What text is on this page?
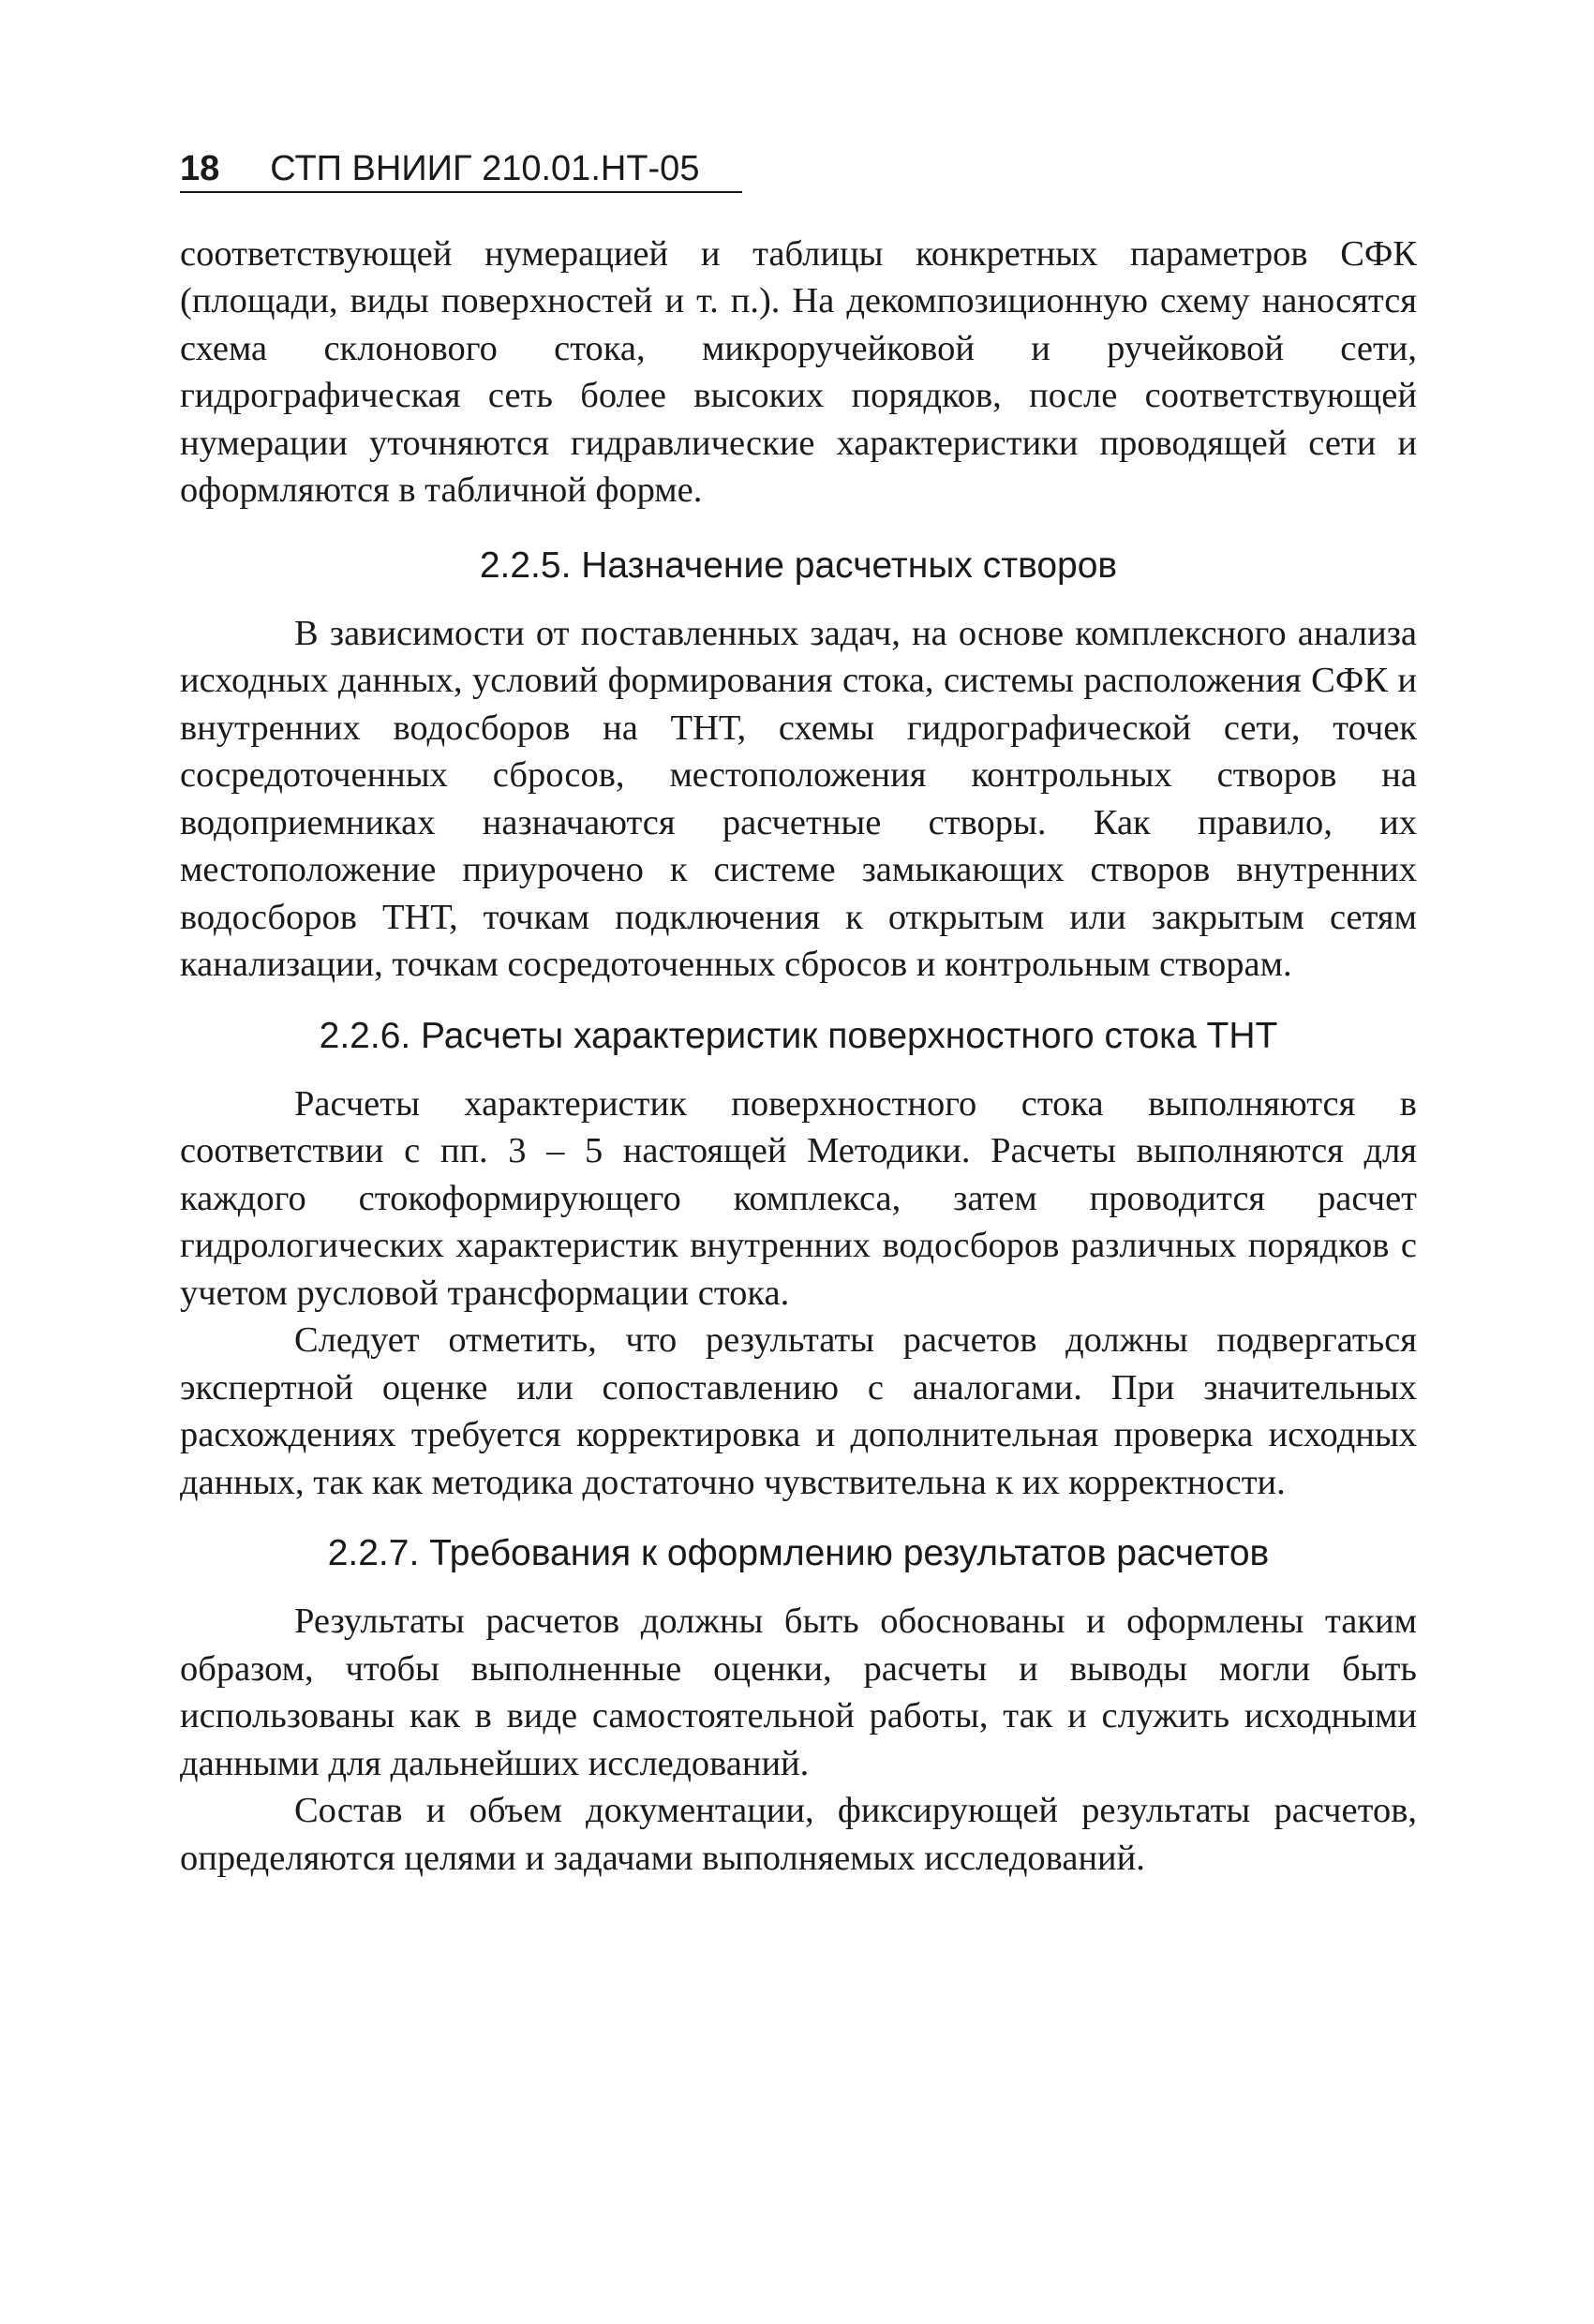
18 СТП ВНИИГ 210.01.НТ-05

соответствующей нумерацией и таблицы конкретных параметров СФК (площади, виды поверхностей и т. п.). На декомпозиционную схему наносятся схема склонового стока, микроручейковой и ручейковой сети, гидрографическая сеть более высоких порядков, после соответствующей нумерации уточняются гидравлические характеристики проводящей сети и оформляются в табличной форме.

2.2.5. Назначение расчетных створов

В зависимости от поставленных задач, на основе комплексного анализа исходных данных, условий формирования стока, системы расположения СФК и внутренних водосборов на ТНТ, схемы гидрографической сети, точек сосредоточенных сбросов, местоположения контрольных створов на водоприемниках назначаются расчетные створы. Как правило, их местоположение приурочено к системе замыкающих створов внутренних водосборов ТНТ, точкам подключения к открытым или закрытым сетям канализации, точкам сосредоточенных сбросов и контрольным створам.

2.2.6. Расчеты характеристик поверхностного стока ТНТ

Расчеты характеристик поверхностного стока выполняются в соответствии с пп. 3 – 5 настоящей Методики. Расчеты выполняются для каждого стокоформирующего комплекса, затем проводится расчет гидрологических характеристик внутренних водосборов различных порядков с учетом русловой трансформации стока.

Следует отметить, что результаты расчетов должны подвергаться экспертной оценке или сопоставлению с аналогами. При значительных расхождениях требуется корректировка и дополнительная проверка исходных данных, так как методика достаточно чувствительна к их корректности.

2.2.7. Требования к оформлению результатов расчетов

Результаты расчетов должны быть обоснованы и оформлены таким образом, чтобы выполненные оценки, расчеты и выводы могли быть использованы как в виде самостоятельной работы, так и служить исходными данными для дальнейших исследований.

Состав и объем документации, фиксирующей результаты расчетов, определяются целями и задачами выполняемых исследований.
